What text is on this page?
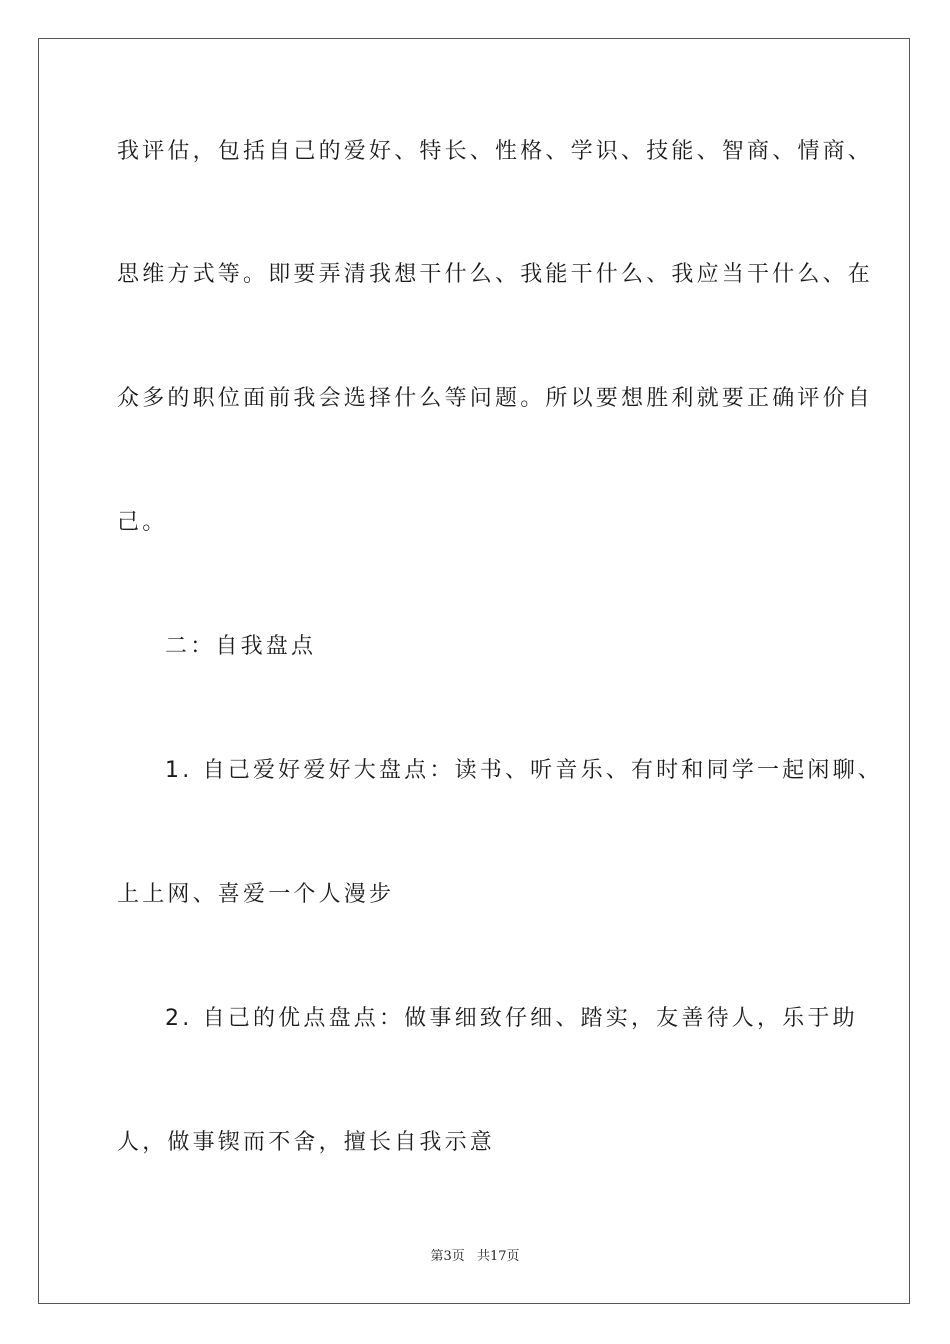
我评估，包括自己的爱好、特长、性格、学识、技能、智商、情商、

思维方式等。即要弄清我想干什么、我能干什么、我应当干什么、在

众多的职位面前我会选择什么等问题。所以要想胜利就要正确评价自

己。

二：自我盘点

1. 自己爱好爱好大盘点：读书、听音乐、有时和同学一起闲聊、

上上网、喜爱一个人漫步

2. 自己的优点盘点：做事细致仔细、踏实，友善待人，乐于助

人，做事锲而不舍，擅长自我示意

第3页 共17页
